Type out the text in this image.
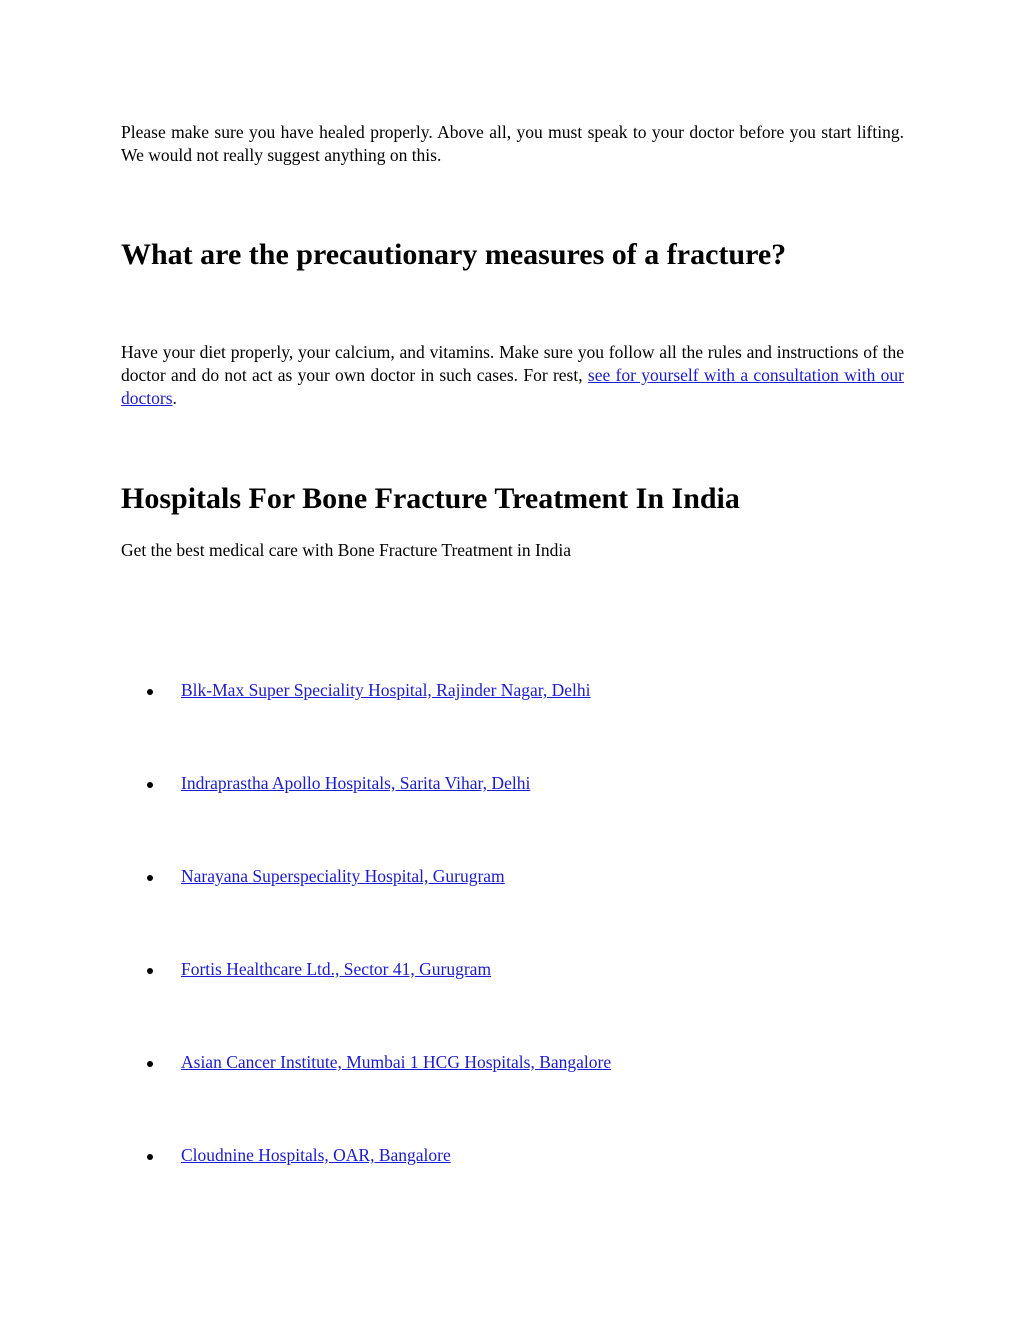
Please make sure you have healed properly. Above all, you must speak to your doctor before you start lifting. We would not really suggest anything on this.

What are the precautionary measures of a fracture?

Have your diet properly, your calcium, and vitamins. Make sure you follow all the rules and instructions of the doctor and do not act as your own doctor in such cases. For rest, see for yourself with a consultation with our doctors.

Hospitals For Bone Fracture Treatment In India

Get the best medical care with Bone Fracture Treatment in India

Blk-Max Super Speciality Hospital, Rajinder Nagar, Delhi
Indraprastha Apollo Hospitals, Sarita Vihar, Delhi
Narayana Superspeciality Hospital, Gurugram
Fortis Healthcare Ltd., Sector 41, Gurugram
Asian Cancer Institute, Mumbai 1 HCG Hospitals, Bangalore
Cloudnine Hospitals, OAR, Bangalore
